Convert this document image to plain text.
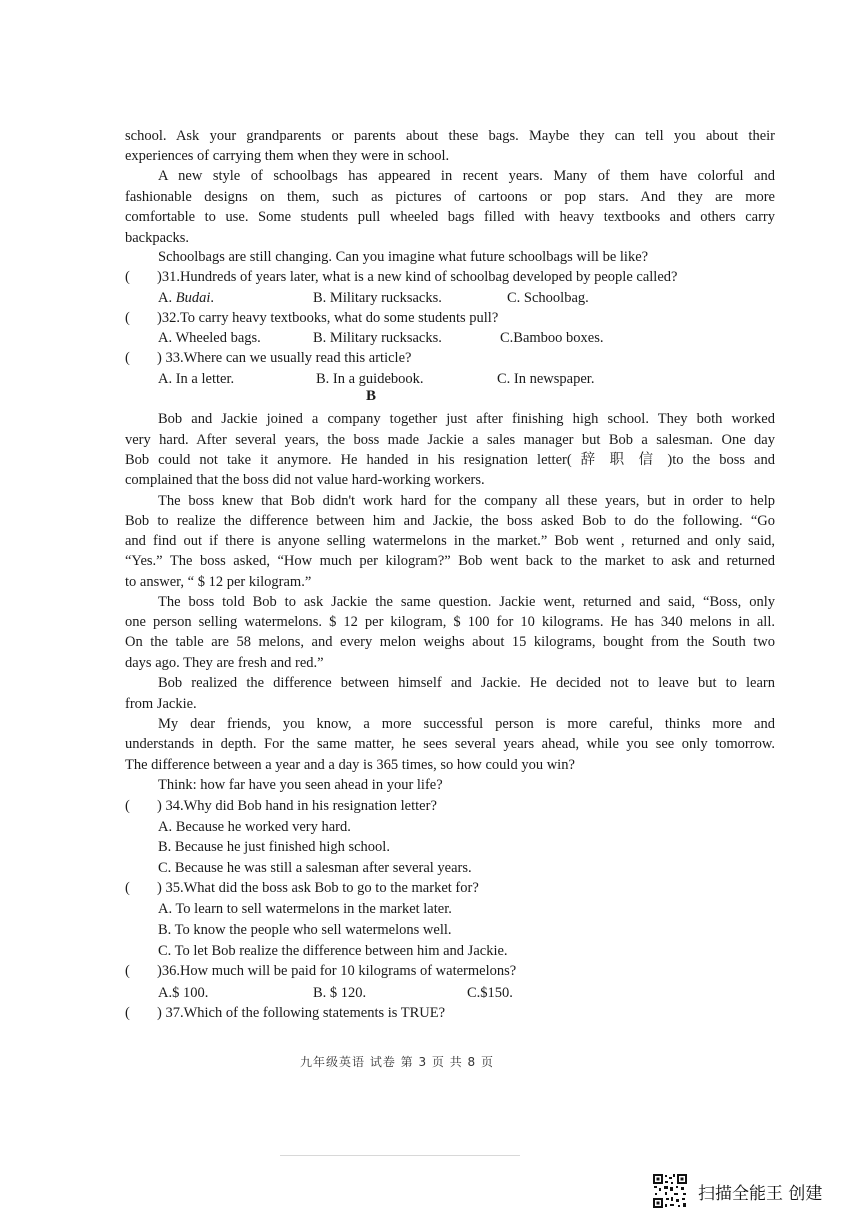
school. Ask your grandparents or parents about these bags. Maybe they can tell you about their
experiences of carrying them when they were in school.
A new style of schoolbags has appeared in recent years. Many of them have colorful and
fashionable designs on them, such as pictures of cartoons or pop stars. And they are more
comfortable to use. Some students pull wheeled bags filled with heavy textbooks and others carry
backpacks.
Schoolbags are still changing. Can you imagine what future schoolbags will be like?
( )31.Hundreds of years later, what is a new kind of schoolbag developed by people called?
A. Budai.	B. Military rucksacks.	C. Schoolbag.
( )32.To carry heavy textbooks, what do some students pull?
A. Wheeled bags.	B. Military rucksacks.	C.Bamboo boxes.
( ) 33.Where can we usually read this article?
A. In a letter.	B. In a guidebook.	C. In newspaper.
B
Bob and Jackie joined a company together just after finishing high school. They both worked
very hard. After several years, the boss made Jackie a sales manager but Bob a salesman. One day
Bob could not take it anymore. He handed in his resignation letter( 辞 职 信 )to the boss and
complained that the boss did not value hard-working workers.
The boss knew that Bob didn't work hard for the company all these years, but in order to help
Bob to realize the difference between him and Jackie, the boss asked Bob to do the following. “Go
and find out if there is anyone selling watermelons in the market.” Bob went , returned and only said,
“Yes.” The boss asked, “How much per kilogram?” Bob went back to the market to ask and returned
to answer, “ $ 12 per kilogram.”
The boss told Bob to ask Jackie the same question. Jackie went, returned and said, “Boss, only
one person selling watermelons. $ 12 per kilogram, $ 100 for 10 kilograms. He has 340 melons in all.
On the table are 58 melons, and every melon weighs about 15 kilograms, bought from the South two
days ago. They are fresh and red.”
Bob realized the difference between himself and Jackie. He decided not to leave but to learn
from Jackie.
My dear friends, you know, a more successful person is more careful, thinks more and
understands in depth. For the same matter, he sees several years ahead, while you see only tomorrow.
The difference between a year and a day is 365 times, so how could you win?
Think: how far have you seen ahead in your life?
( ) 34.Why did Bob hand in his resignation letter?
A. Because he worked very hard.
B. Because he just finished high school.
C. Because he was still a salesman after several years.
( ) 35.What did the boss ask Bob to go to the market for?
A. To learn to sell watermelons in the market later.
B. To know the people who sell watermelons well.
C. To let Bob realize the difference between him and Jackie.
( )36.How much will be paid for 10 kilograms of watermelons?
A.$ 100.	B. $ 120.	C.$150.
( ) 37.Which of the following statements is TRUE?
九年级英语 试卷 第 3 页 共 8 页
扫描全能王 创建
